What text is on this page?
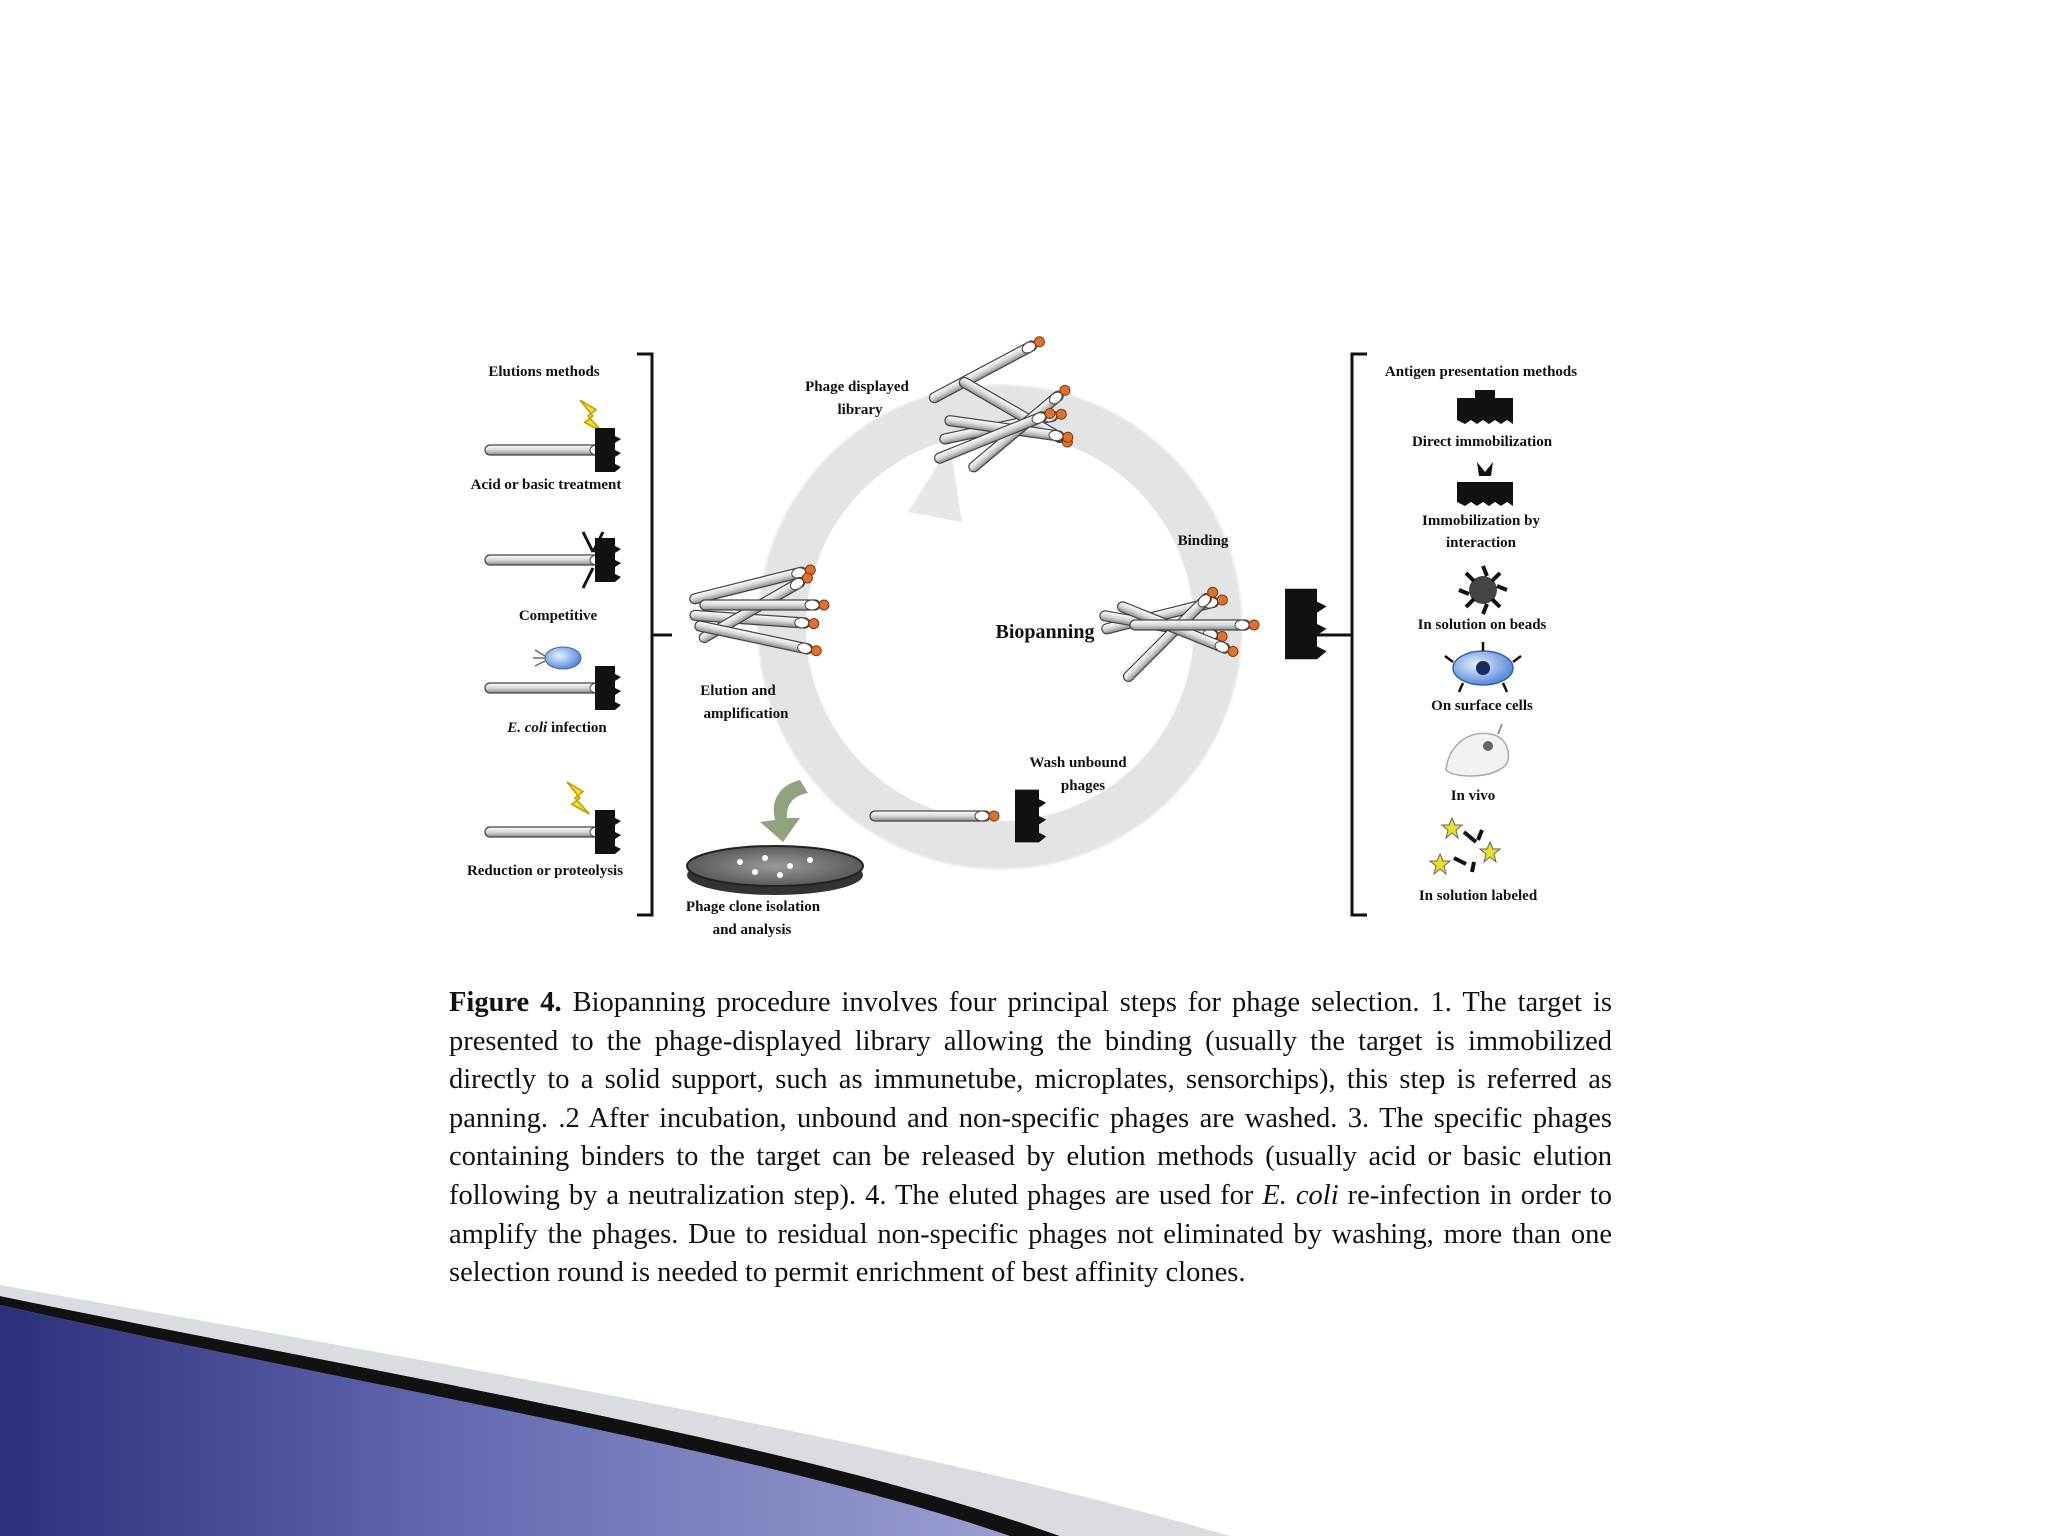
Elutions methods
Acid or basic treatment
Competitive
E. coli infection
Reduction or proteolysis
Biopanning
Phage displayed
library
Binding
Wash unbound
phages
Elution and
amplification
Phage clone isolation
and analysis
Antigen presentation methods
Direct immobilization
Immobilization by
interaction
In solution on beads
On surface cells
In vivo
In solution labeled
Figure 4. Biopanning procedure involves four principal steps for phage selection. 1. The target is presented to the phage-displayed library allowing the binding (usually the target is immobilized directly to a solid support, such as immunetube, microplates, sensorchips), this step is referred as panning. .2 After incubation, unbound and non-specific phages are washed. 3. The specific phages containing binders to the target can be released by elution methods (usually acid or basic elution following by a neutralization step). 4. The eluted phages are used for E. coli re-infection in order to amplify the phages. Due to residual non-specific phages not eliminated by washing, more than one selection round is needed to permit enrichment of best affinity clones.
